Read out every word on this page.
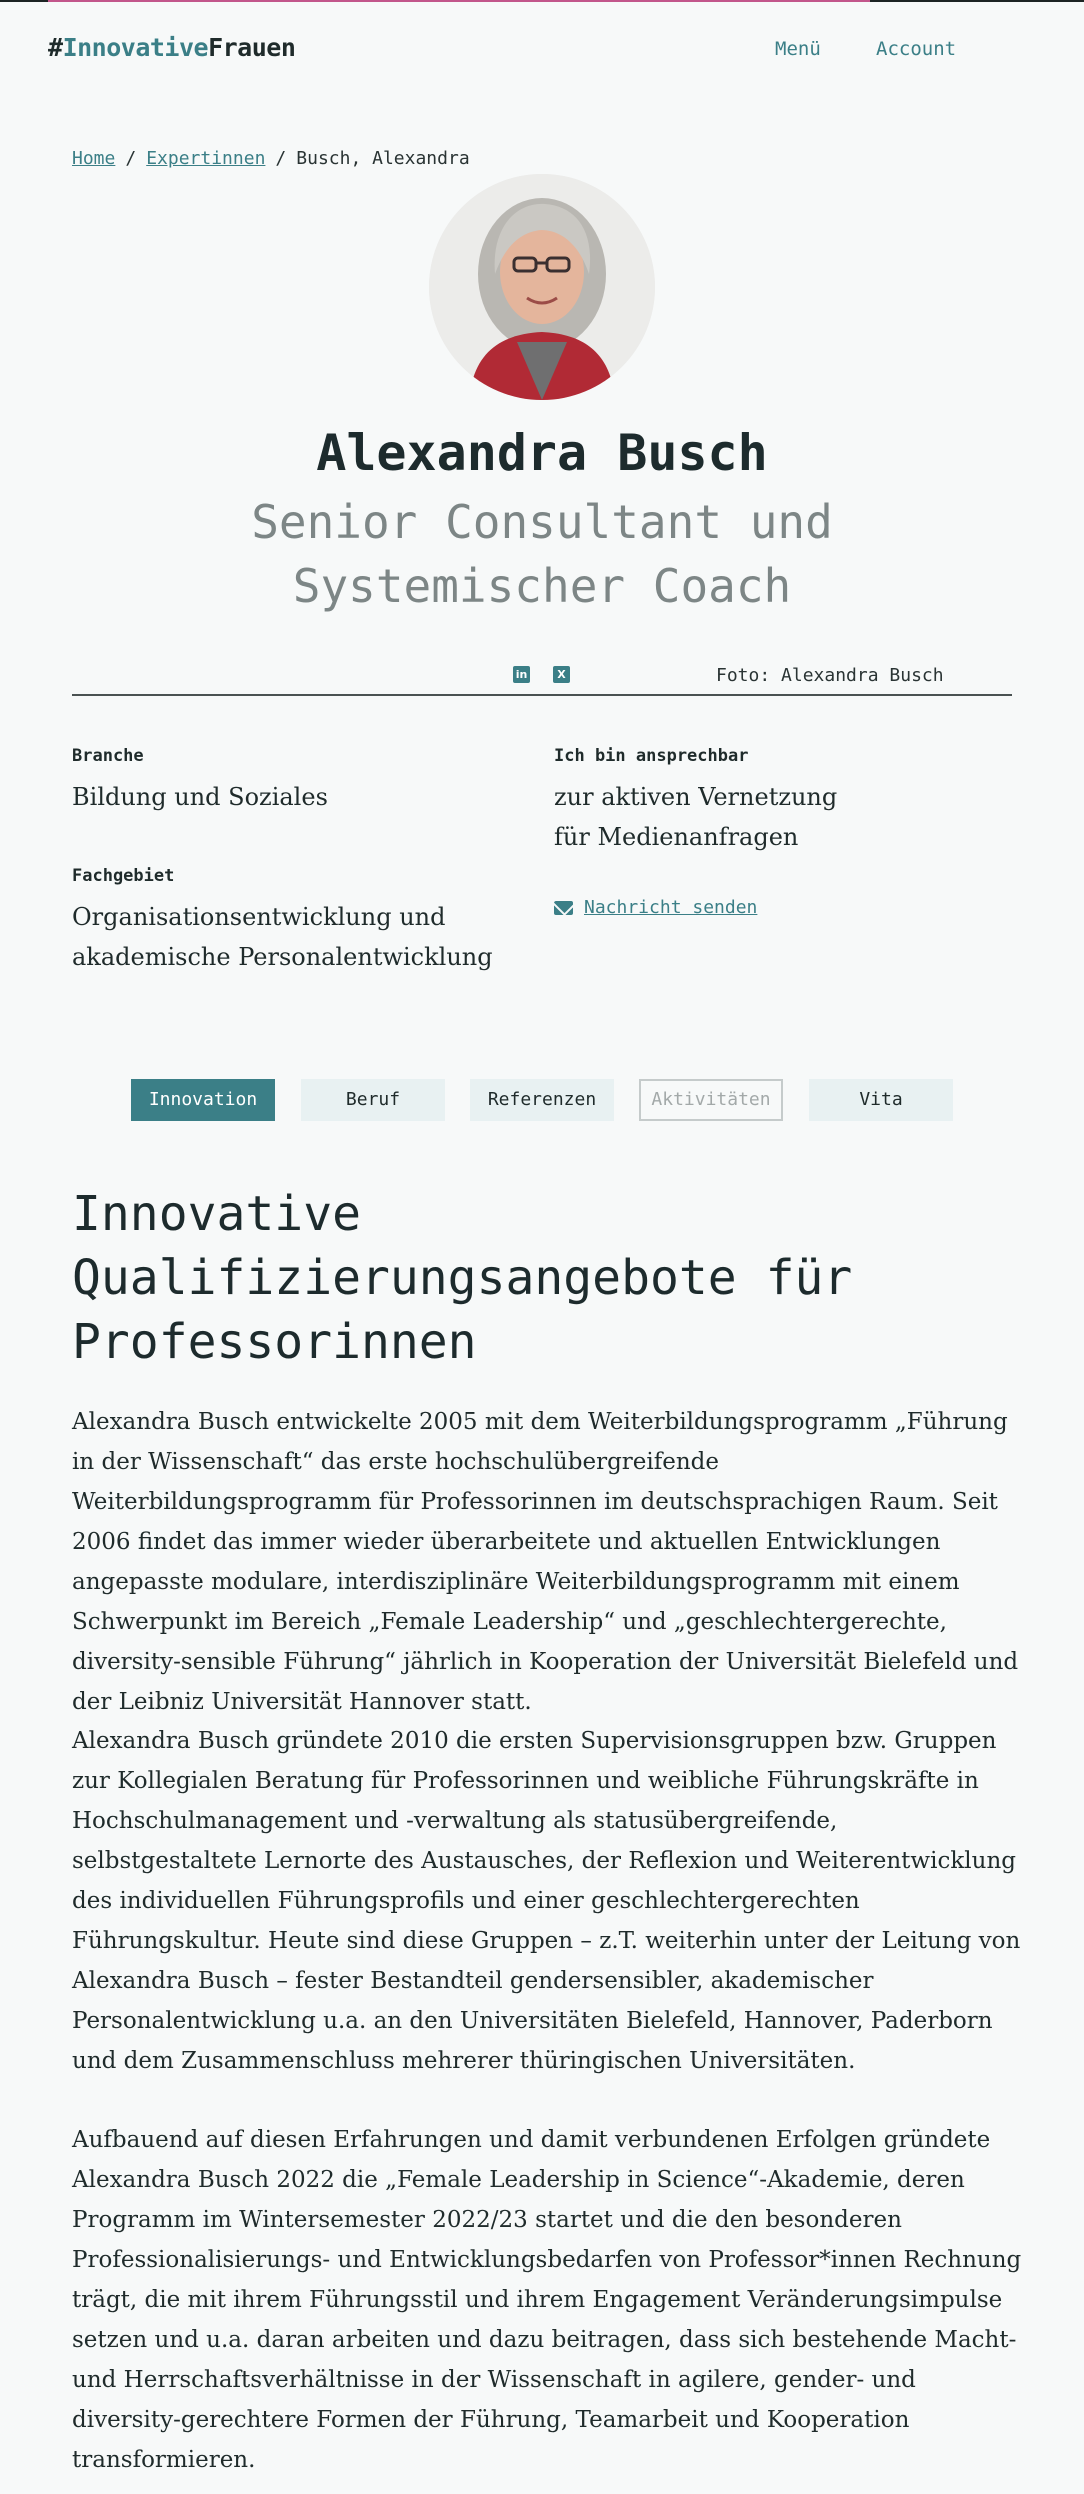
#InnovativeFrauen	Menü	Account
Home / Expertinnen / Busch, Alexandra
Alexandra Busch
Senior Consultant und
Systemischer Coach
in	X	Foto: Alexandra Busch
Branche
Bildung und Soziales
Fachgebiet
Organisationsentwicklung und
akademische Personalentwicklung
Ich bin ansprechbar
zur aktiven Vernetzung
für Medienanfragen
Nachricht senden
Innovation	Beruf	Referenzen	Aktivitäten	Vita
Innovative
Qualifizierungsangebote für
Professorinnen

Alexandra Busch entwickelte 2005 mit dem Weiterbildungsprogramm „Führung in der Wissenschaft“ das erste hochschulübergreifende Weiterbildungsprogramm für Professorinnen im deutschsprachigen Raum. Seit 2006 findet das immer wieder überarbeitete und aktuellen Entwicklungen angepasste modulare, interdisziplinäre Weiterbildungsprogramm mit einem Schwerpunkt im Bereich „Female Leadership“ und „geschlechtergerechte, diversity-sensible Führung“ jährlich in Kooperation der Universität Bielefeld und der Leibniz Universität Hannover statt.

Alexandra Busch gründete 2010 die ersten Supervisionsgruppen bzw. Gruppen zur Kollegialen Beratung für Professorinnen und weibliche Führungskräfte in Hochschulmanagement und -verwaltung als statusübergreifende, selbstgestaltete Lernorte des Austausches, der Reflexion und Weiterentwicklung des individuellen Führungsprofils und einer geschlechtergerechten Führungskultur. Heute sind diese Gruppen – z.T. weiterhin unter der Leitung von Alexandra Busch – fester Bestandteil gendersensibler, akademischer Personalentwicklung u.a. an den Universitäten Bielefeld, Hannover, Paderborn und dem Zusammenschluss mehrerer thüringischen Universitäten.

Aufbauend auf diesen Erfahrungen und damit verbundenen Erfolgen gründete Alexandra Busch 2022 die „Female Leadership in Science“-Akademie, deren Programm im Wintersemester 2022/23 startet und die den besonderen Professionalisierungs- und Entwicklungsbedarfen von Professor*innen Rechnung trägt, die mit ihrem Führungsstil und ihrem Engagement Veränderungsimpulse setzen und u.a. daran arbeiten und dazu beitragen, dass sich bestehende Macht- und Herrschaftsverhältnisse in der Wissenschaft in agilere, gender- und diversity-gerechtere Formen der Führung, Teamarbeit und Kooperation transformieren.
